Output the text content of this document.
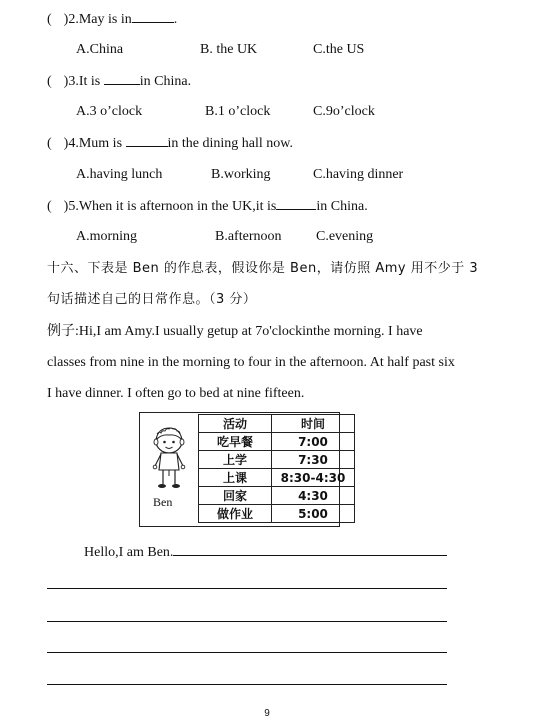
( )2.May is in	.
A.China	B. the UK	C.the US
( )3.It is	in China.
A.3 o’clock	B.1 o’clock	C.9o’clock
( )4.Mum is	in the dining hall now.
A.having lunch	B.working	C.having dinner
( )5.When it is afternoon in the UK,it is	in China.
A.morning	B.afternoon C.evening
十六、下表是 Ben 的作息表，假设你是 Ben，请仿照 Amy 用不少于 3
句话描述自己的日常作息。（3 分）
例子:Hi,I am Amy.I usually getup at 7o'clockinthe morning. I have
classes from nine in the morning to four in the afternoon. At half past six
I have dinner. I often go to bed at nine fifteen.
Ben
活动	时间
吃早餐	7:00
上学	7:30
上课	8:30-4:30
回家	4:30
做作业	5:00
Hello,I am Ben.
9
